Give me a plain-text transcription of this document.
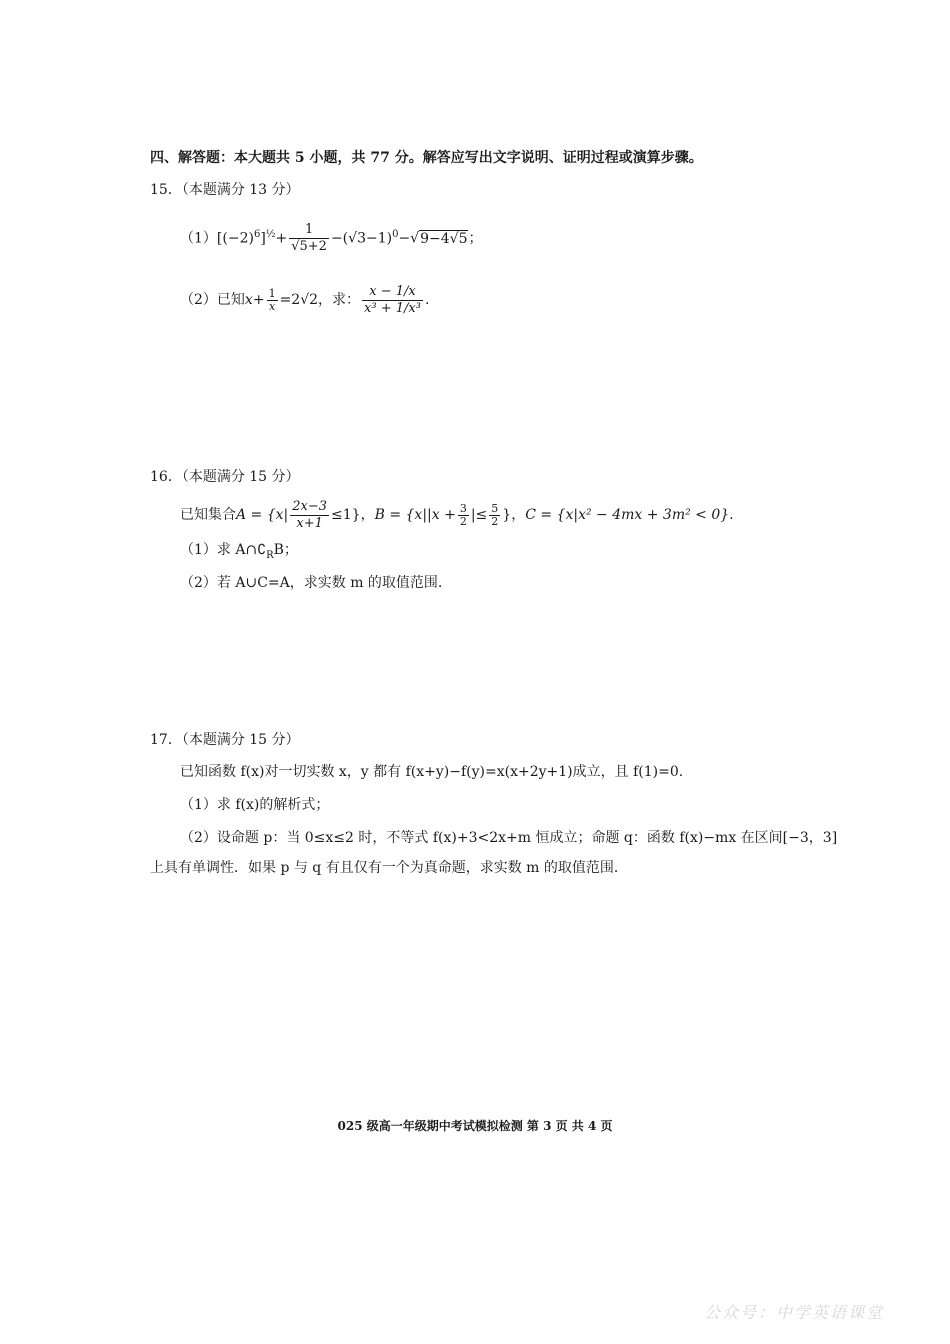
四、解答题：本大题共 5 小题，共 77 分。解答应写出文字说明、证明过程或演算步骤。
15．（本题满分 13 分）
$(1)[(-2)^6]^{\frac{1}{2}}+ \frac{1}{√5+2} -(√3-1)^0-√9-4√5$；
（2）已知$x+ \frac{1}{x} =2√2$，求： $\frac{x - 1/x}{\text{x³ + 1/x³}}$ .
16．（本题满分 15 分）
已知集合$A = \{x| \frac{2x-3}{x+1} \le 1\}$，$B = \{x||x + \frac{3}{2}$ |≤ $\frac{5}{2}$ }，C = {x|x² − 4mx + 3m² < 0}.
（1）求 $A\cap∁_RB$；
（2）若 A∪C=A，求实数 m 的取值范围.
17．（本题满分 15 分）
已知函数 f(x)对一切实数 x，y 都有 f(x+y)−f(y)=x(x+2y+1)成立，且 f(1)=0.
（1）求 f(x)的解析式；
（2）设命题 p：当 0≤x≤2 时，不等式 f(x)+3<2x+m 恒成立；命题 q：函数 f(x)−mx 在区间[−3，3]
上具有单调性．如果 p 与 q 有且仅有一个为真命题，求实数 m 的取值范围．
025 级高一年级期中考试模拟检测 第 3 页 共 4 页
公众号：中学英语课堂
